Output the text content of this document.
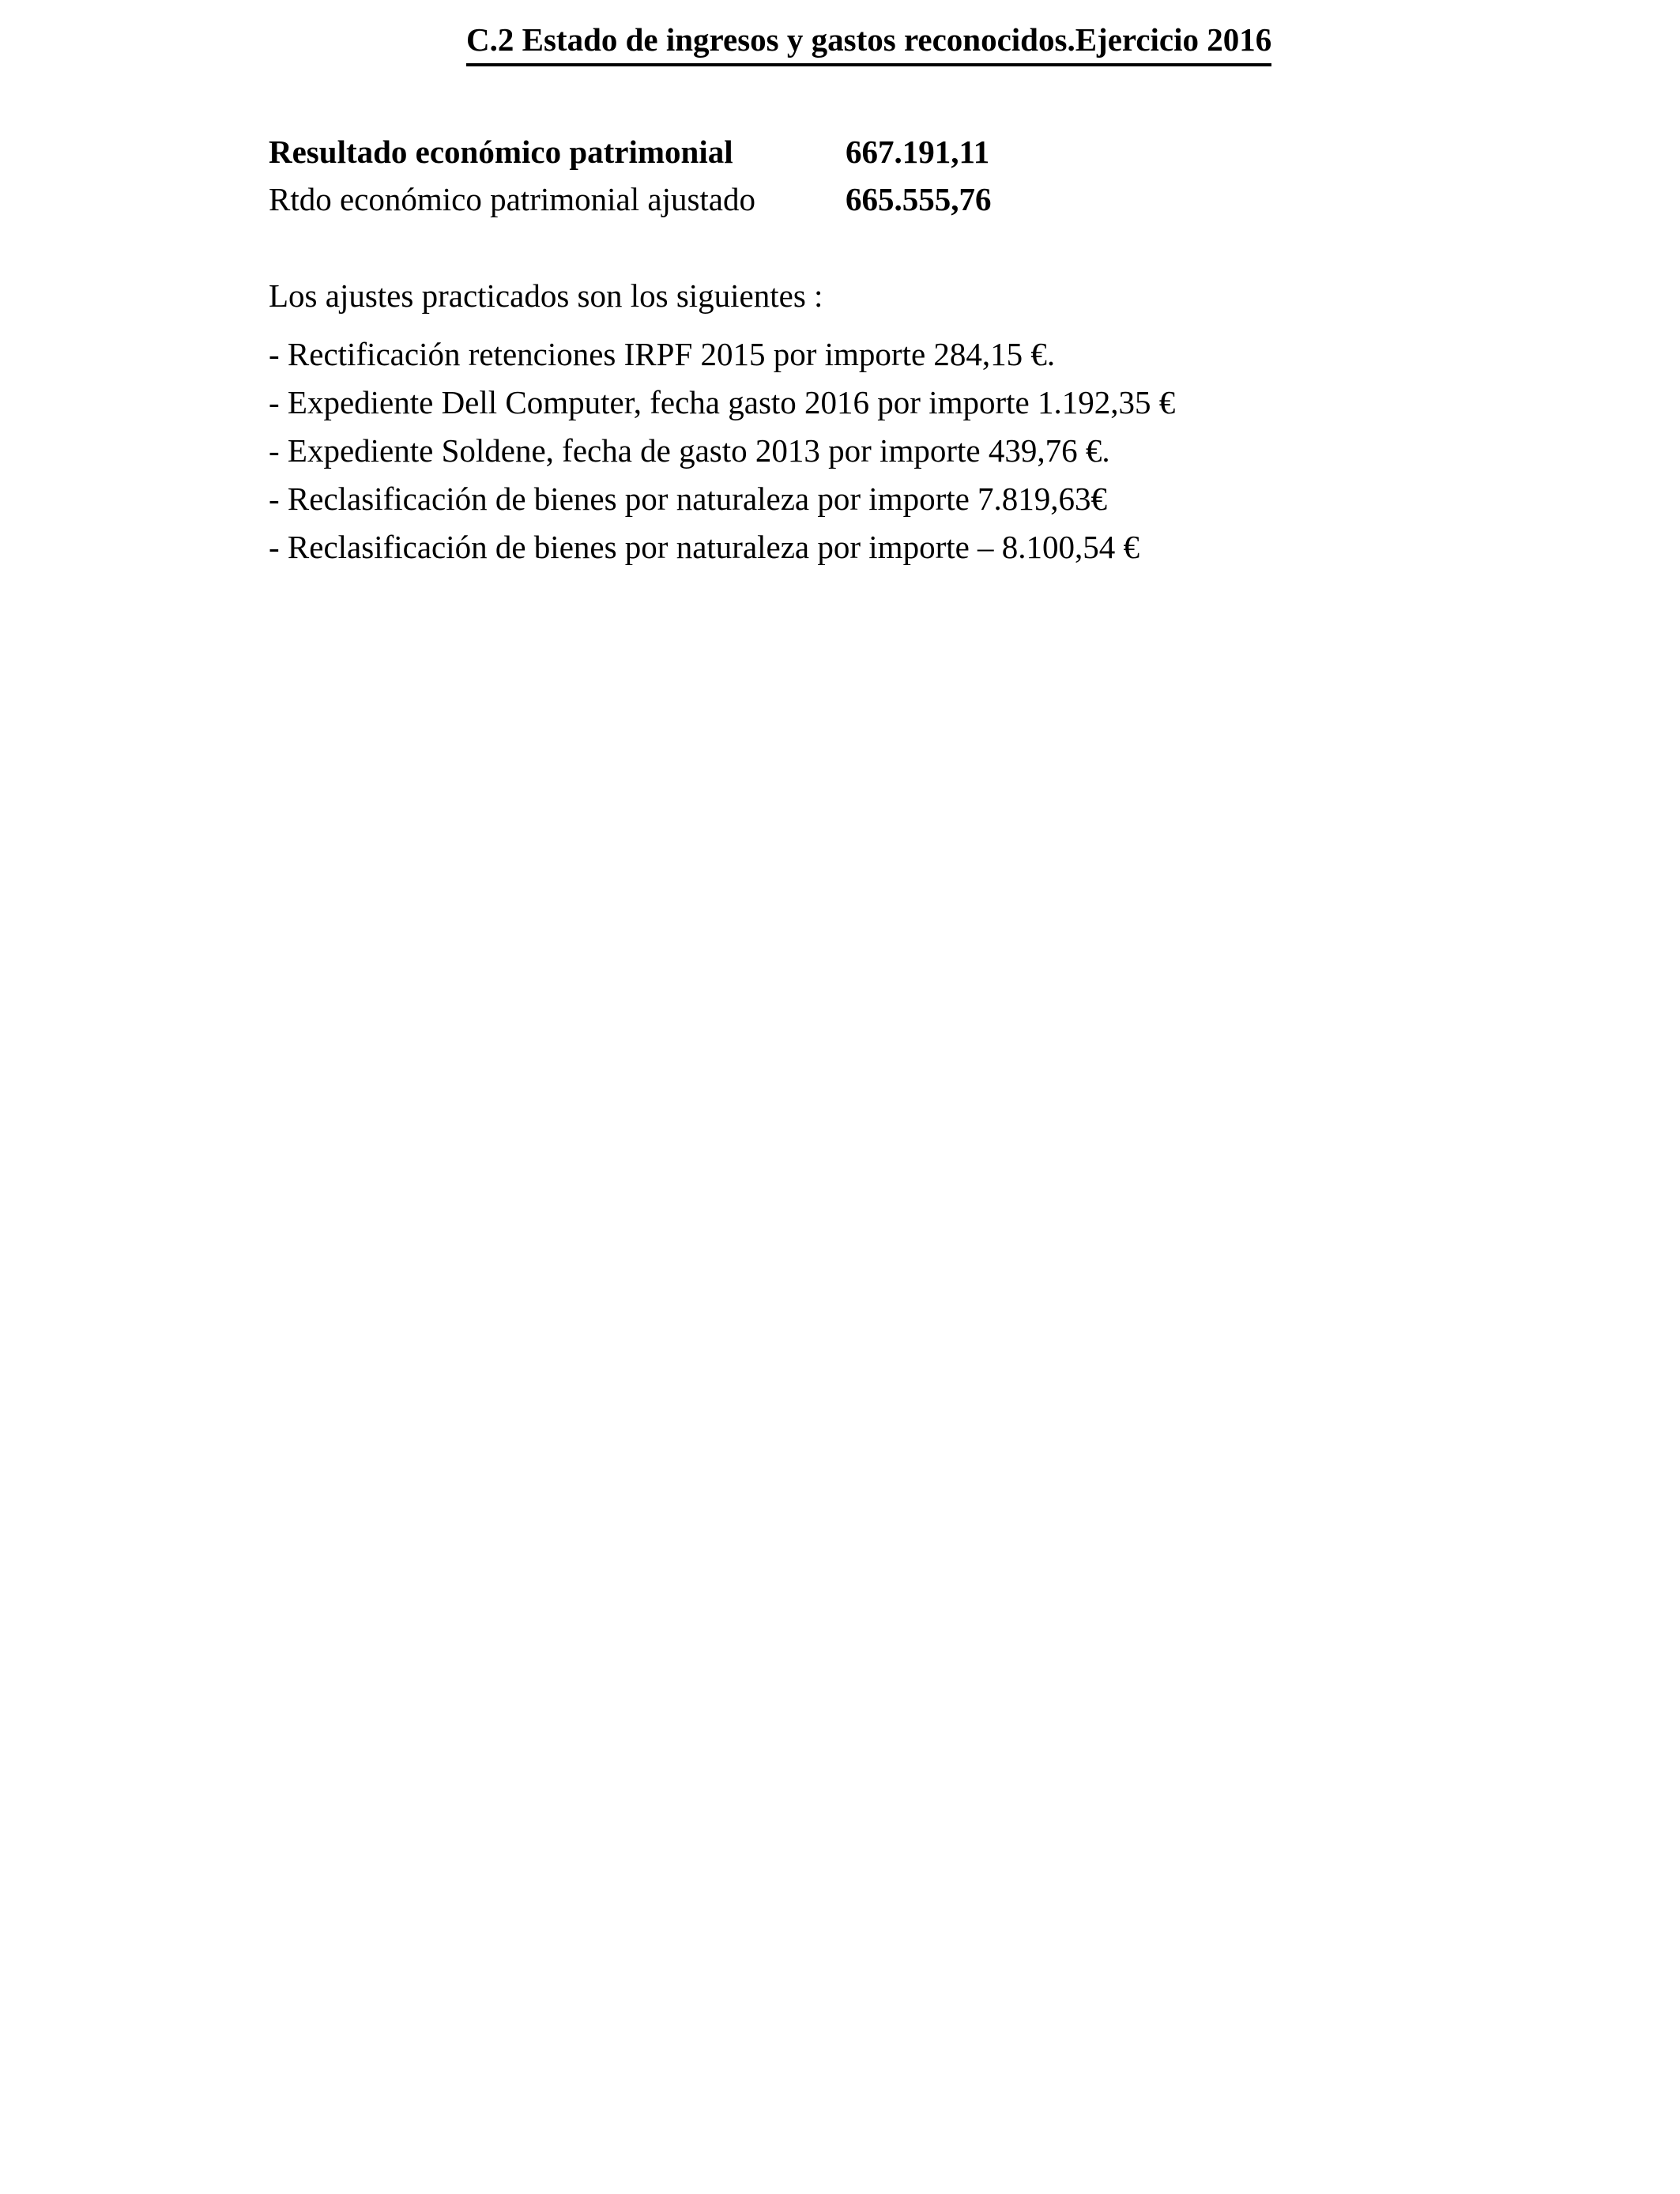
C.2 Estado de ingresos y gastos reconocidos.Ejercicio 2016
Resultado económico patrimonial	667.191,11
Rtdo económico patrimonial ajustado	665.555,76
Los ajustes practicados son los siguientes :
- Rectificación retenciones IRPF 2015 por importe 284,15 €.
- Expediente Dell Computer, fecha gasto 2016 por importe 1.192,35 €
- Expediente Soldene, fecha de gasto 2013 por importe 439,76 €.
- Reclasificación de bienes por naturaleza por importe 7.819,63€
- Reclasificación de bienes por naturaleza por importe – 8.100,54 €
